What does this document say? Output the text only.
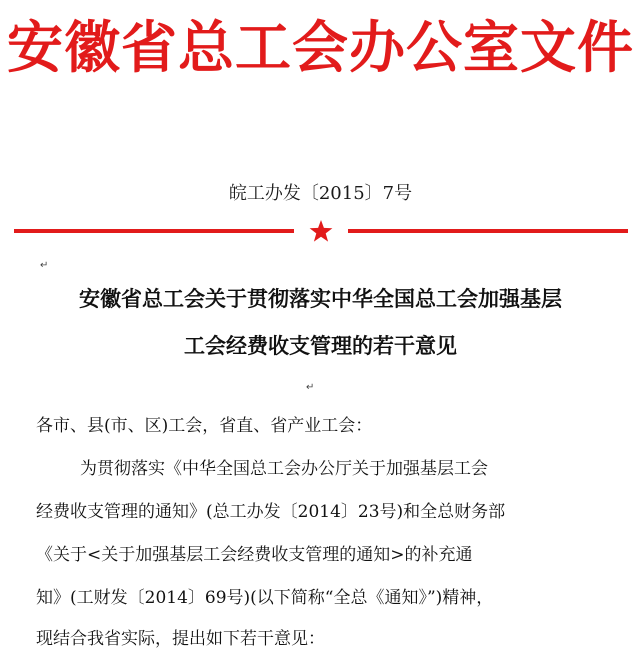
安徽省总工会办公室文件
皖工办发〔2015〕7号
↵
安徽省总工会关于贯彻落实中华全国总工会加强基层
工会经费收支管理的若干意见
↵
各市、县(市、区)工会，省直、省产业工会：
为贯彻落实《中华全国总工会办公厅关于加强基层工会
经费收支管理的通知》(总工办发〔2014〕23号)和全总财务部
《关于<关于加强基层工会经费收支管理的通知>的补充通
知》(工财发〔2014〕69号)(以下简称“全总《通知》”)精神，
现结合我省实际，提出如下若干意见：
